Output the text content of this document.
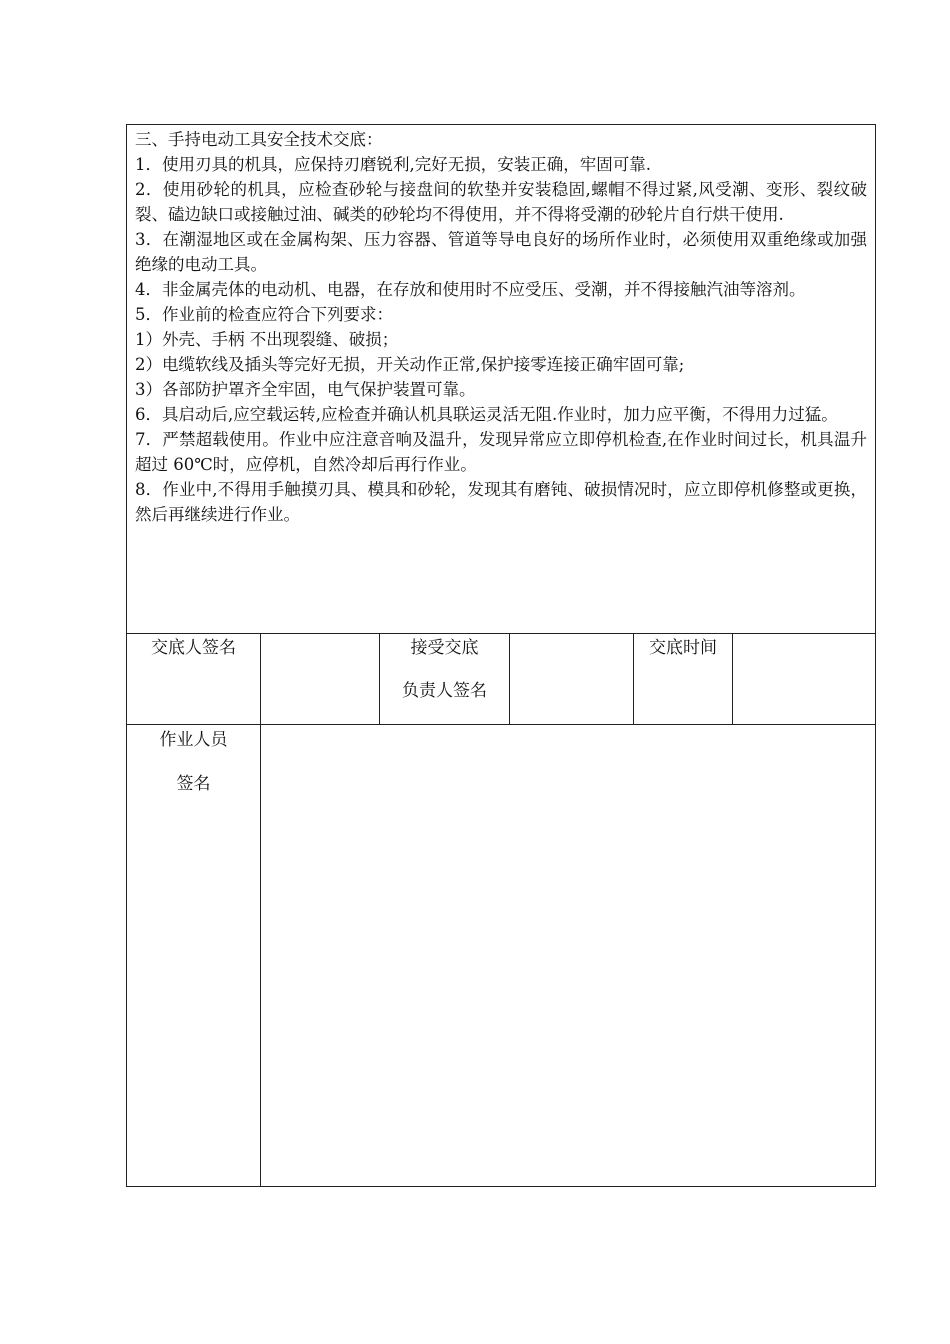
三、手持电动工具安全技术交底：

1．使用刃具的机具，应保持刃磨锐利,完好无损，安装正确，牢固可靠.

2．使用砂轮的机具，应检查砂轮与接盘间的软垫并安装稳固,螺帽不得过紧,风受潮、变形、裂纹破裂、磕边缺口或接触过油、碱类的砂轮均不得使用，并不得将受潮的砂轮片自行烘干使用.

3．在潮湿地区或在金属构架、压力容器、管道等导电良好的场所作业时，必须使用双重绝缘或加强绝缘的电动工具。

4．非金属壳体的电动机、电器，在存放和使用时不应受压、受潮，并不得接触汽油等溶剂。

5．作业前的检查应符合下列要求：

1）外壳、手柄 不出现裂缝、破损；

2）电缆软线及插头等完好无损，开关动作正常,保护接零连接正确牢固可靠;

3）各部防护罩齐全牢固，电气保护装置可靠。

6．具启动后,应空载运转,应检查并确认机具联运灵活无阻.作业时，加力应平衡，不得用力过猛。

7．严禁超载使用。作业中应注意音响及温升，发现异常应立即停机检查,在作业时间过长，机具温升超过 60℃时，应停机，自然冷却后再行作业。

8．作业中,不得用手触摸刃具、模具和砂轮，发现其有磨钝、破损情况时，应立即停机修整或更换，然后再继续进行作业。

交底人签名	接受交底
负责人签名
交底时间
作业人员
签名
